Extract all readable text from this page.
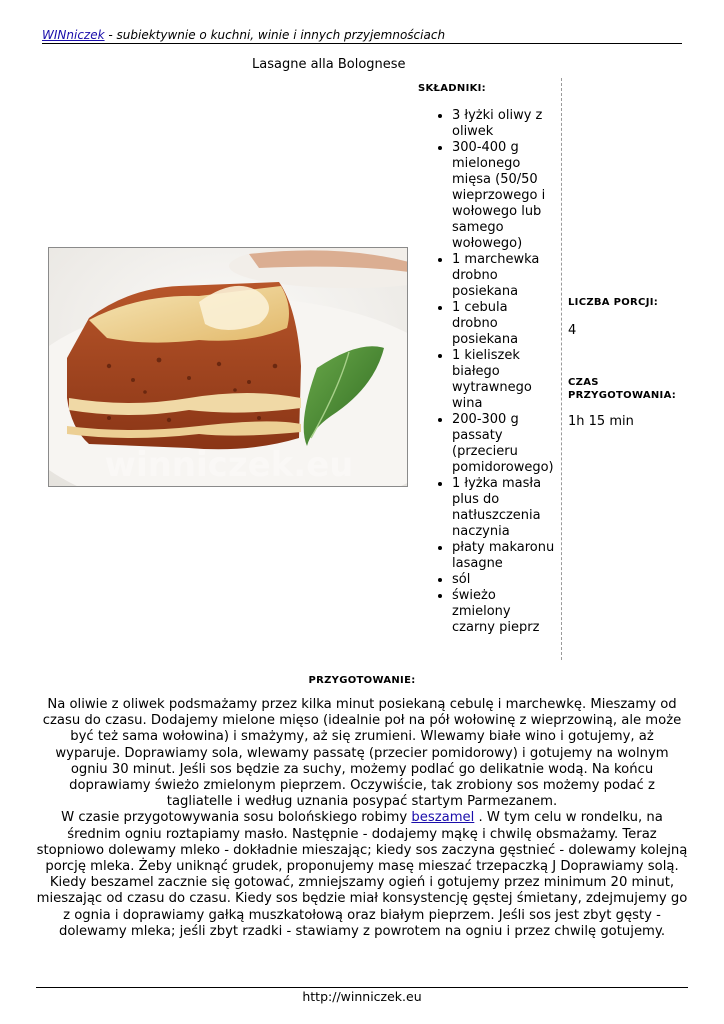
WINniczek - subiektywnie o kuchni, winie i innych przyjemnościach
Lasagne alla Bolognese
winniczek.eu
SKŁADNIKI:
• 3 łyżki oliwy z oliwek
• 300-400 g mielonego mięsa (50/50 wieprzowego i wołowego lub samego wołowego)
• 1 marchewka drobno posiekana
• 1 cebula drobno posiekana
• 1 kieliszek białego wytrawnego wina
• 200-300 g passaty (przecieru pomidorowego)
• 1 łyżka masła plus do natłuszczenia naczynia
• płaty makaronu lasagne
• sól
• świeżo zmielony czarny pieprz
LICZBA PORCJI:
4
CZAS PRZYGOTOWANIA:
1h 15 min
PRZYGOTOWANIE:

Na oliwie z oliwek podsmażamy przez kilka minut posiekaną cebulę i marchewkę. Mieszamy od czasu do czasu. Dodajemy mielone mięso (idealnie poł na pół wołowinę z wieprzowiną, ale może być też sama wołowina) i smażymy, aż się zrumieni. Wlewamy białe wino i gotujemy, aż wyparuje. Doprawiamy sola, wlewamy passatę (przecier pomidorowy) i gotujemy na wolnym ogniu 30 minut. Jeśli sos będzie za suchy, możemy podlać go delikatnie wodą. Na końcu doprawiamy świeżo zmielonym pieprzem. Oczywiście, tak zrobiony sos możemy podać z tagliatelle i według uznania posypać startym Parmezanem.

W czasie przygotowywania sosu bolońskiego robimy beszamel . W tym celu w rondelku, na średnim ogniu roztapiamy masło. Następnie - dodajemy mąkę i chwilę obsmażamy. Teraz stopniowo dolewamy mleko - dokładnie mieszając; kiedy sos zaczyna gęstnieć - dolewamy kolejną porcję mleka. Żeby uniknąć grudek, proponujemy masę mieszać trzepaczką J Doprawiamy solą. Kiedy beszamel zacznie się gotować, zmniejszamy ogień i gotujemy przez minimum 20 minut, mieszając od czasu do czasu. Kiedy sos będzie miał konsystencję gęstej śmietany, zdejmujemy go z ognia i doprawiamy gałką muszkatołową oraz białym pieprzem. Jeśli sos jest zbyt gęsty - dolewamy mleka; jeśli zbyt rzadki - stawiamy z powrotem na ogniu i przez chwilę gotujemy.

http://winniczek.eu
